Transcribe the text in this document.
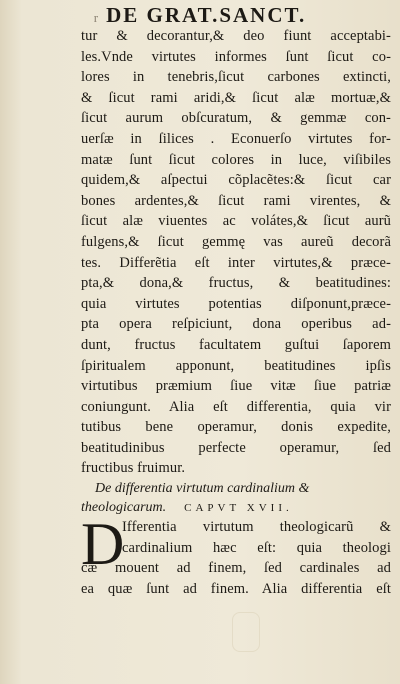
r DE GRAT.SANCT.
tur & decorantur,& deo fiunt acceptabi-
les.Vnde virtutes informes ſunt ſicut co-
lores in tenebris,ſicut carbones extincti,
& ſicut rami aridi,& ſicut alæ mortuæ,&
ſicut aurum obſcuratum, & gemmæ con-
uerſæ in ſilices . Econuerſo virtutes for-
matæ ſunt ſicut colores in luce, viſibiles
quidem,& aſpectui cõplacẽtes:& ſicut car
bones ardentes,& ſicut rami virentes, &
ſicut alæ viuentes ac volátes,& ſicut aurũ
fulgens,& ſicut gemmę vas aureũ decorã
tes. Differẽtia eſt inter virtutes,& præce-
pta,& dona,& fructus, & beatitudines:
quia virtutes potentias diſponunt,præce-
pta opera reſpiciunt, dona operibus ad-
dunt, fructus facultatem guſtui ſaporem
ſpiritualem apponunt, beatitudines ipſis
virtutibus præmium ſiue vitæ ſiue patriæ
coniungunt. Alia eſt differentia, quia vir
tutibus bene operamur, donis expedite,
beatitudinibus perfecte operamur, ſed
fructibus fruimur.
De differentia virtutum cardinalium &
theologicarum. CAPVT XVII.
D
Ifferentia virtutum theologicarũ &
cardinalium hæc eſt: quia theologi
cæ mouent ad finem, ſed cardinales ad
ea quæ ſunt ad finem. Alia differentia eſt
